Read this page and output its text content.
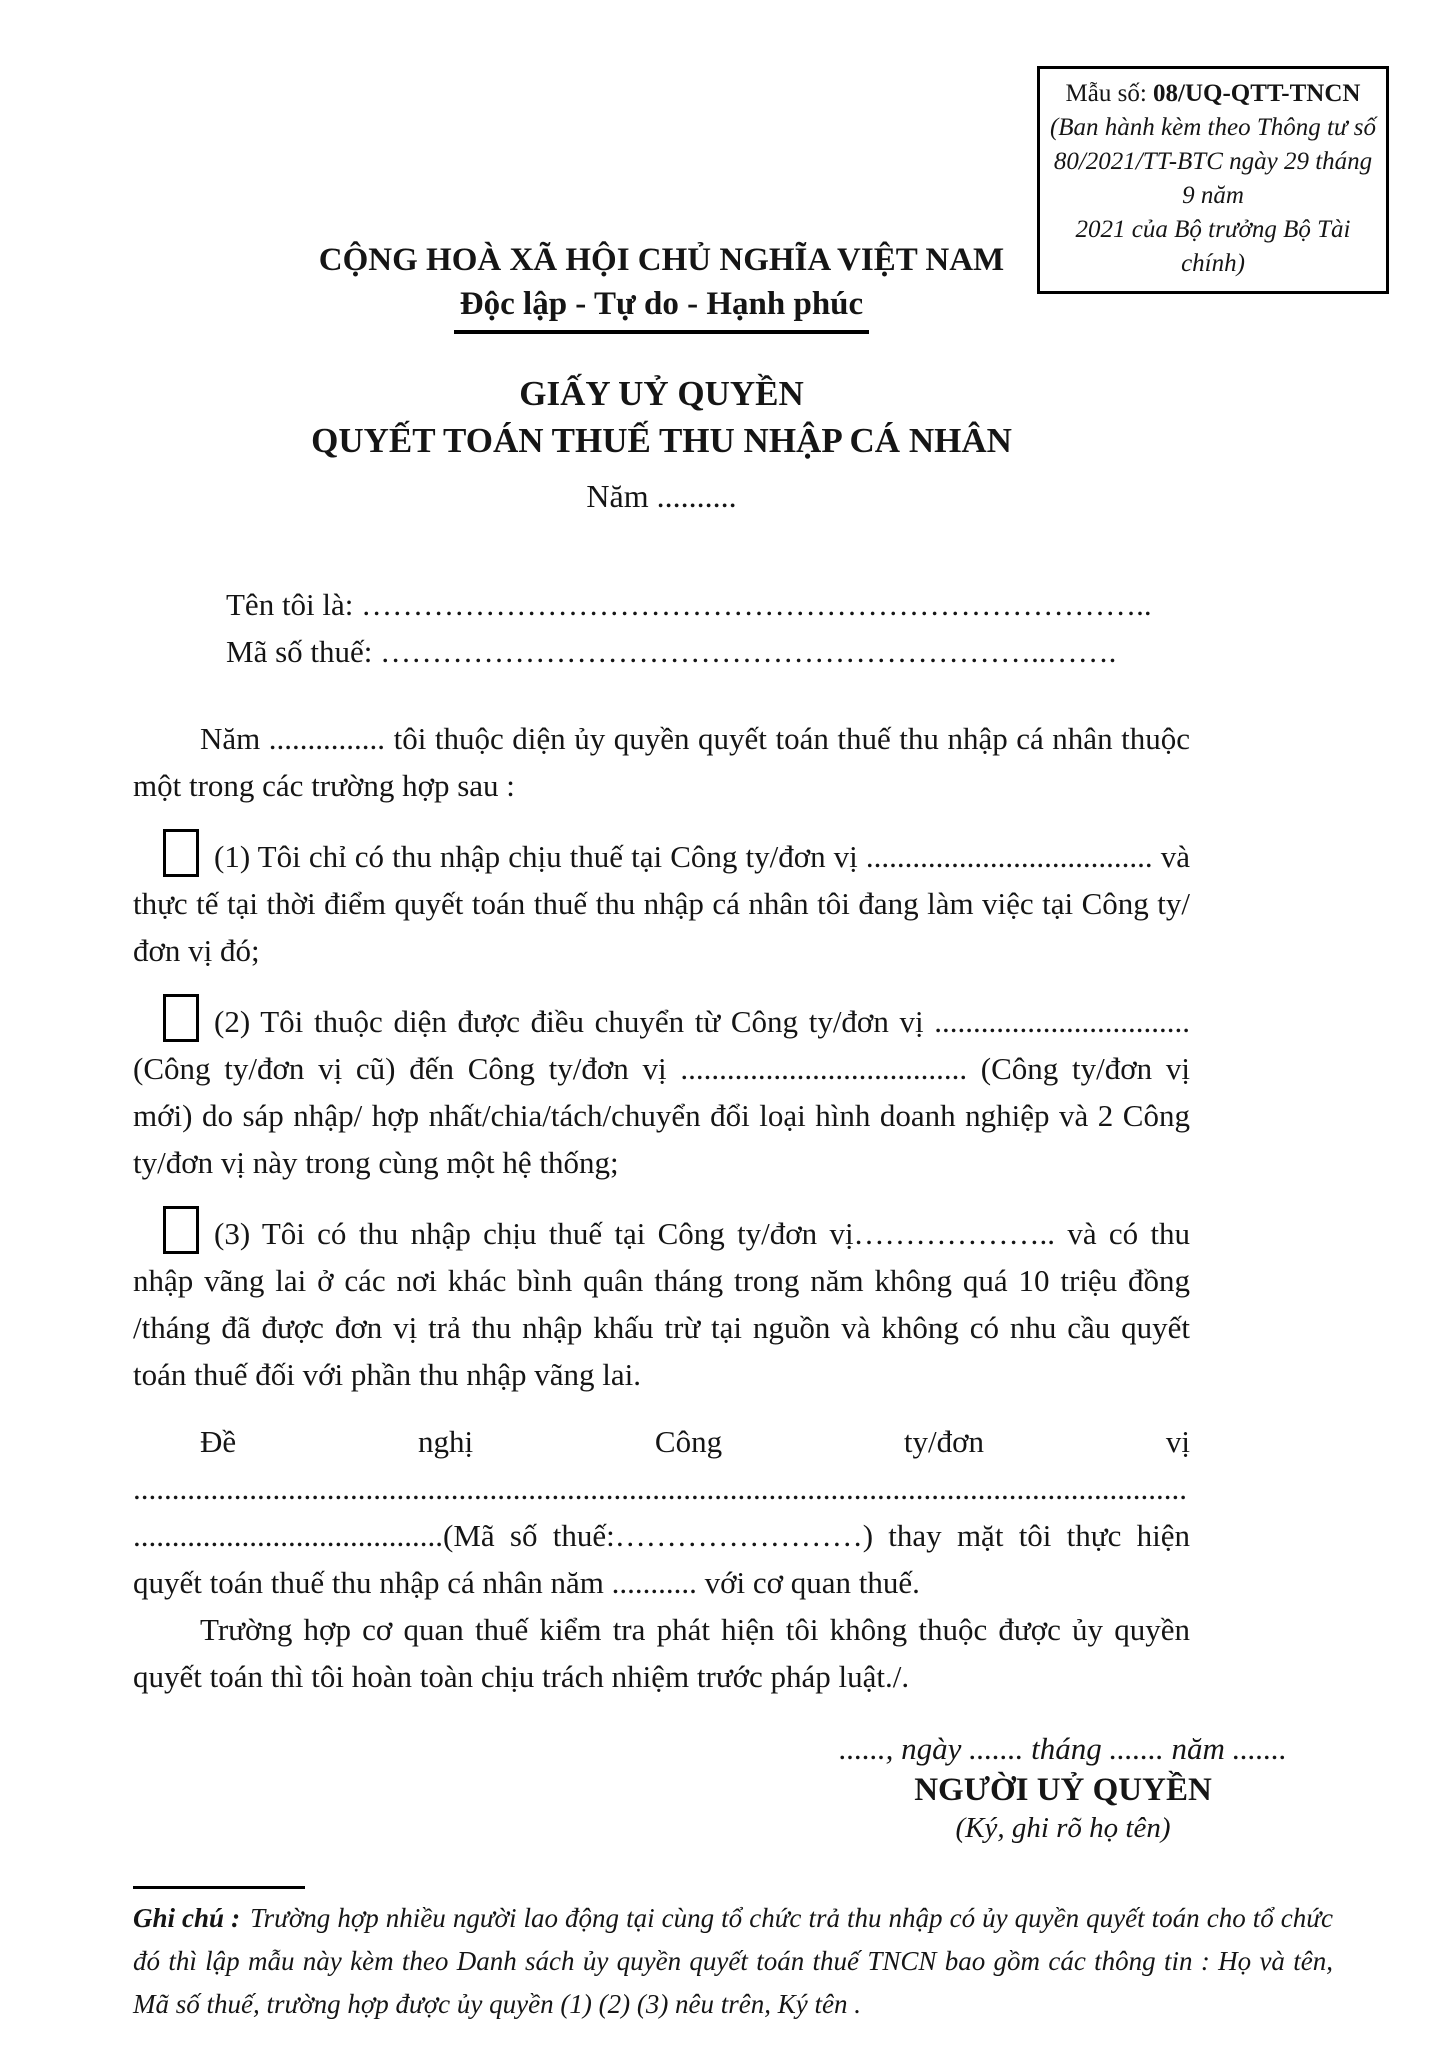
Mẫu số: 08/UQ-QTT-TNCN
(Ban hành kèm theo Thông tư số
80/2021/TT-BTC ngày 29 tháng 9 năm
2021 của Bộ trưởng Bộ Tài chính)
CỘNG HOÀ XÃ HỘI CHỦ NGHĨA VIỆT NAM
Độc lập - Tự do - Hạnh phúc
GIẤY UỶ QUYỀN
QUYẾT TOÁN THUẾ THU NHẬP CÁ NHÂN
Năm ..........
Tên tôi là: …………………………………………………………………..
Mã số thuế: ………………………………………………………..…….

Năm ............... tôi thuộc diện ủy quyền quyết toán thuế thu nhập cá nhân thuộc một trong các trường hợp sau :

(1) Tôi chỉ có thu nhập chịu thuế tại Công ty/đơn vị ..................................... và thực tế tại thời điểm quyết toán thuế thu nhập cá nhân tôi đang làm việc tại Công ty/đơn vị đó;

(2) Tôi thuộc diện được điều chuyển từ Công ty/đơn vị ................................. (Công ty/đơn vị cũ) đến Công ty/đơn vị ..................................... (Công ty/đơn vị mới) do sáp nhập/ hợp nhất/chia/tách/chuyển đổi loại hình doanh nghiệp và 2 Công ty/đơn vị này trong cùng một hệ thống;

(3) Tôi có thu nhập chịu thuế tại Công ty/đơn vị……………….. và có thu nhập vãng lai ở các nơi khác bình quân tháng trong năm không quá 10 triệu đồng /tháng đã được đơn vị trả thu nhập khấu trừ tại nguồn và không có nhu cầu quyết toán thuế đối với phần thu nhập vãng lai.

Đề nghị Công ty/đơn vị ................................................................................................................................................................................(Mã số thuế:……………………) thay mặt tôi thực hiện quyết toán thuế thu nhập cá nhân năm ........... với cơ quan thuế.

Trường hợp cơ quan thuế kiểm tra phát hiện tôi không thuộc được ủy quyền quyết toán thì tôi hoàn toàn chịu trách nhiệm trước pháp luật./.

......, ngày ....... tháng ....... năm .......
NGƯỜI UỶ QUYỀN
(Ký, ghi rõ họ tên)
Ghi chú : Trường hợp nhiều người lao động tại cùng tổ chức trả thu nhập có ủy quyền quyết toán cho tổ chức đó thì lập mẫu này kèm theo Danh sách ủy quyền quyết toán thuế TNCN bao gồm các thông tin : Họ và tên, Mã số thuế, trường hợp được ủy quyền (1) (2) (3) nêu trên, Ký tên .
